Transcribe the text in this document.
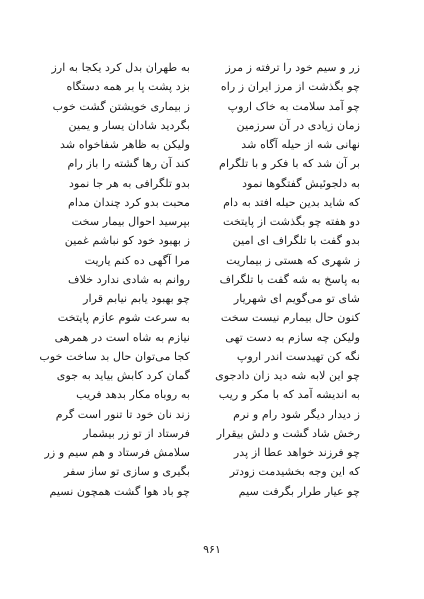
زر و سیم خود را ترفته ز مرز
چو بگذشت از مرز ایران ز راه
چو آمد سلامت به خاک اروپ
زمان زیادی در آن سرزمین
نهانی شه از حیله آگاه شد
بر آن شد که با فکر و با تلگرام
به دلجوئیش گفتگوها نمود
که شاید بدین حیله افتد به دام
دو هفته چو بگذشت از پایتخت
بدو گفت با تلگراف ای امین
ز شهری که هستی ز بیماریت
به پاسخ به شه گفت با تلگراف
شای تو می‌گویم ای شهریار
کنون حال بیمارم نیست سخت
ولیکن چه سازم به دست تهی
نگه کن تهیدست اندر اروپ
چو این لابه شه دید زان دادجوی
به اندیشه آمد که با مکر و ریب
ز دیدار دیگر شود رام و نرم
رخش شاد گشت و دلش بیقرار
چو فرزند خواهد عطا از پدر
که این وجه بخشیدمت زودتر
چو عیار طرار بگرفت سیم
به طهران بدل کرد یکجا به ارز
بزد پشت پا بر همه دستگاه
ز بیماری خویشتن گشت خوب
بگردید شادان یسار و یمین
ولیکن به ظاهر شفاخواه شد
کند آن رها گشته را باز رام
بدو تلگرافی به هر جا نمود
محبت بدو کرد چندان مدام
بپرسید احوال بیمار سخت
ز بهبود خود کو نباشم غمین
مرا آگهی ده کنم یاریت
روانم به شادی ندارد خلاف
چو بهبود یابم نیابم قرار
به سرعت شوم عازم پایتخت
نیازم به شاه است در همرهی
کجا می‌توان حال بد ساخت خوب
گمان کرد کابش بیاید به جوی
به روباه مکار بدهد فریب
زند نان خود تا تنور است گرم
فرستاد از تو زر بیشمار
سلامش فرستاد و هم سیم و زر
بگیری و سازی تو ساز سفر
چو باد هوا گشت همچون نسیم
۹۶۱
